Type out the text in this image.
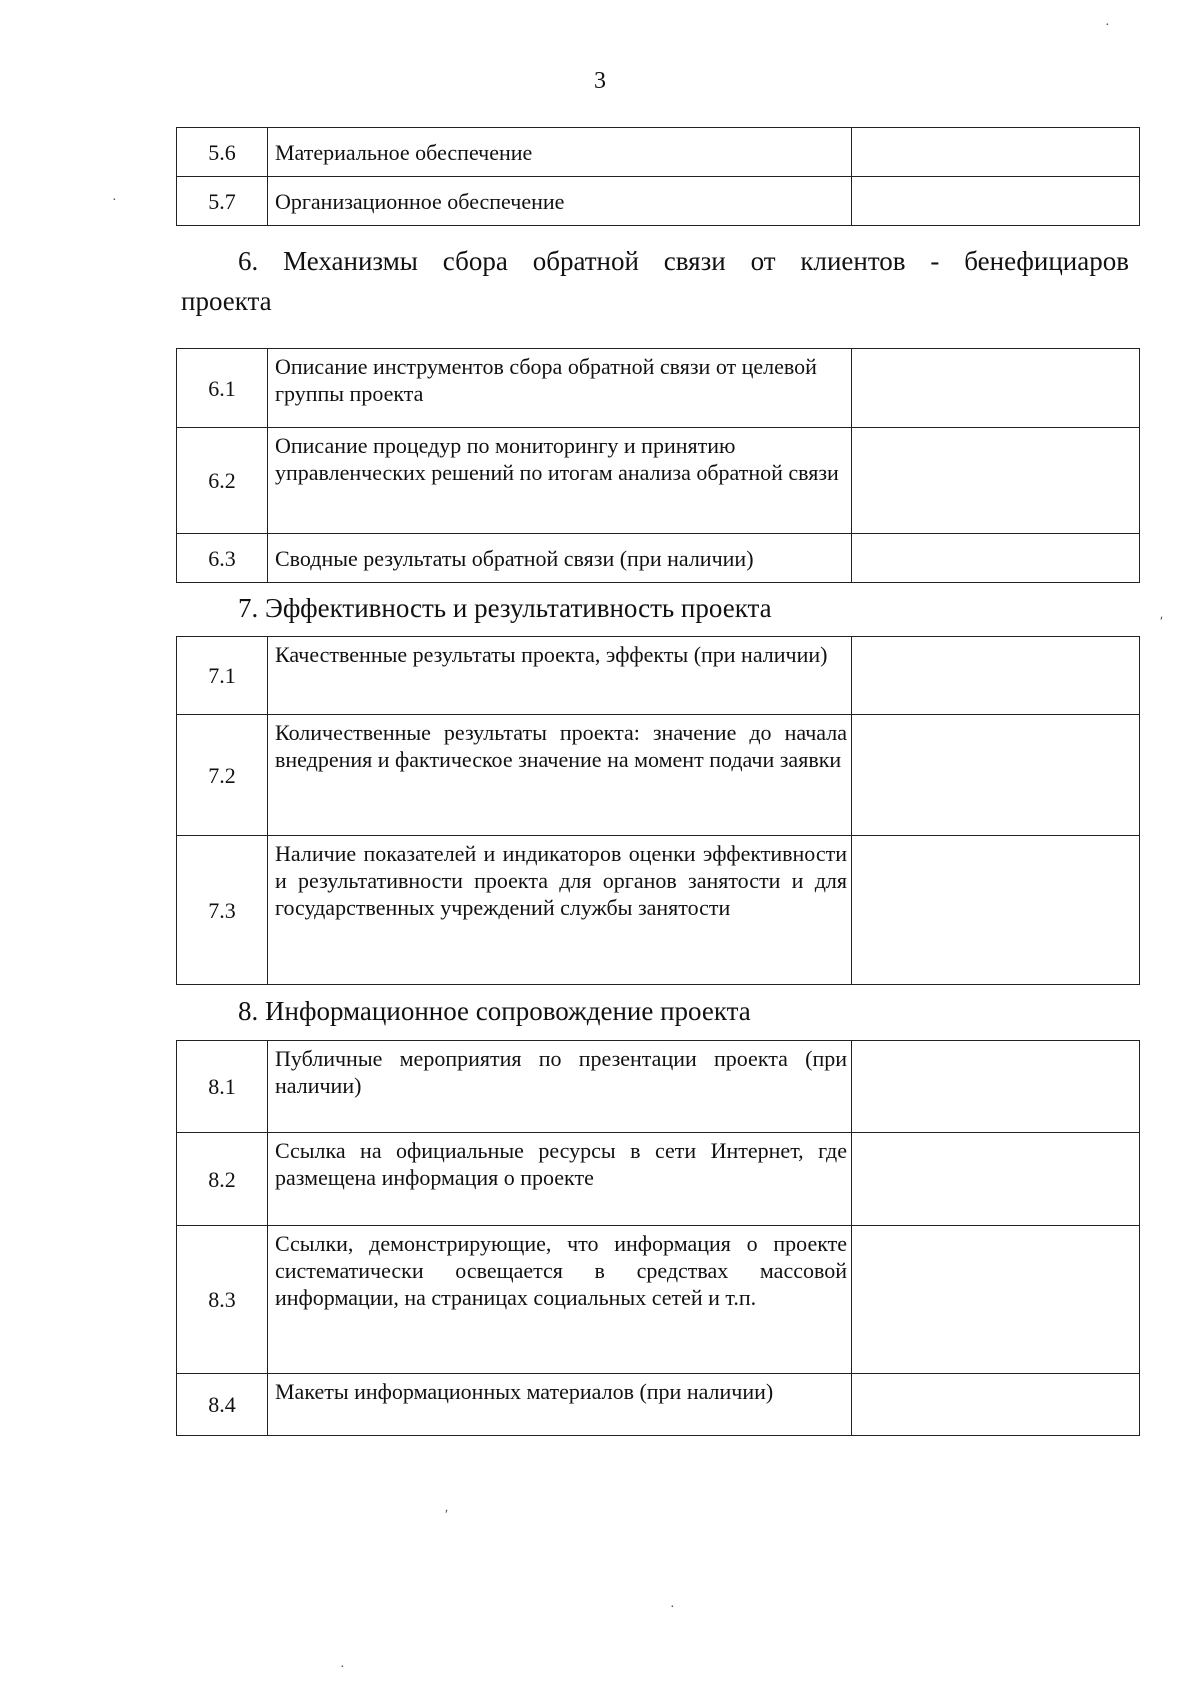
3
5.6	Материальное обеспечение	
5.7	Организационное обеспечение	
6. Механизмы сбора обратной связи от клиентов - бенефициаров
проекта
6.1	Описание инструментов сбора обратной связи от целевой группы проекта	
6.2	Описание процедур по мониторингу и принятию управленческих решений по итогам анализа обратной связи	
6.3	Сводные результаты обратной связи (при наличии)	
7. Эффективность и результативность проекта
7.1	Качественные результаты проекта, эффекты (при наличии)	
7.2	Количественные результаты проекта: значение до начала внедрения и фактическое значение на момент подачи заявки	
7.3	Наличие показателей и индикаторов оценки эффективности и результативности проекта для органов занятости и для государственных учреждений службы занятости	
8. Информационное сопровождение проекта
8.1	Публичные мероприятия по презентации проекта (при наличии)	
8.2	Ссылка на официальные ресурсы в сети Интернет, где размещена информация о проекте	
8.3	Ссылки, демонстрирующие, что информация о проекте систематически освещается в средствах массовой информации, на страницах социальных сетей и т.п.	
8.4	Макеты информационных материалов (при наличии)	
·
·
ʹ
ʹ
·
·
